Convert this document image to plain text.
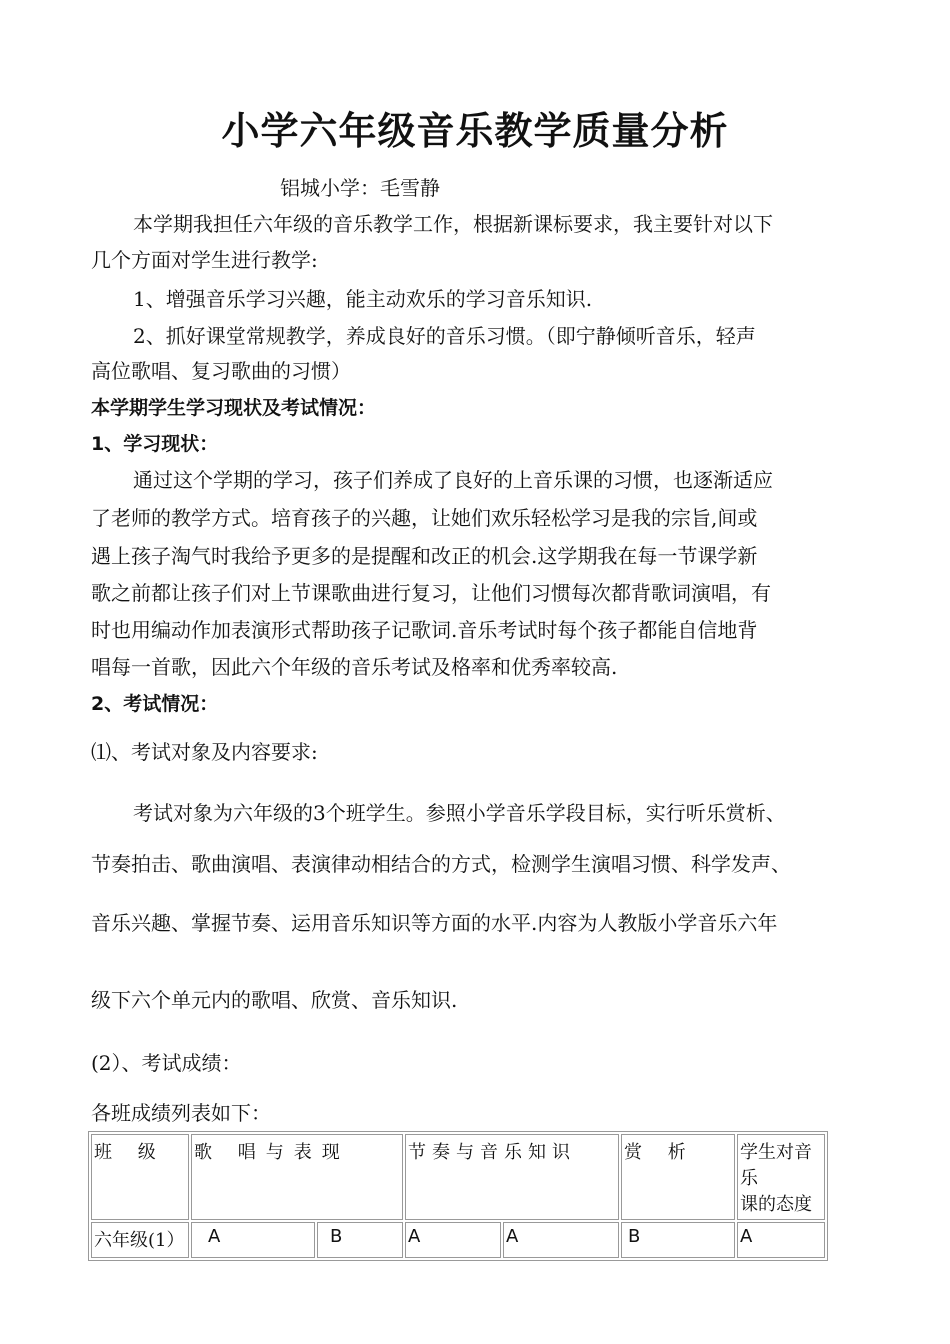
小学六年级音乐教学质量分析
铝城小学：毛雪静
本学期我担任六年级的音乐教学工作，根据新课标要求，我主要针对以下
几个方面对学生进行教学:
1、增强音乐学习兴趣，能主动欢乐的学习音乐知识.
2、抓好课堂常规教学，养成良好的音乐习惯。（即宁静倾听音乐，轻声
高位歌唱、复习歌曲的习惯）
本学期学生学习现状及考试情况：
1、学习现状：
通过这个学期的学习，孩子们养成了良好的上音乐课的习惯，也逐渐适应
了老师的教学方式。培育孩子的兴趣，让她们欢乐轻松学习是我的宗旨,间或
遇上孩子淘气时我给予更多的是提醒和改正的机会.这学期我在每一节课学新
歌之前都让孩子们对上节课歌曲进行复习，让他们习惯每次都背歌词演唱，有
时也用编动作加表演形式帮助孩子记歌词.音乐考试时每个孩子都能自信地背
唱每一首歌，因此六个年级的音乐考试及格率和优秀率较高.
2、考试情况：
⑴、考试对象及内容要求:
考试对象为六年级的3个班学生。参照小学音乐学段目标，实行听乐赏析、
节奏拍击、歌曲演唱、表演律动相结合的方式，检测学生演唱习惯、科学发声、
音乐兴趣、掌握节奏、运用音乐知识等方面的水平.内容为人教版小学音乐六年
级下六个单元内的歌唱、欣赏、音乐知识.
(2）、考试成绩：
各班成绩列表如下：
班 级	歌 唱与表现		节奏与音乐知识		赏 析	学生对音乐
课的态度

六年级(1）	A	B	A	A	B	A
